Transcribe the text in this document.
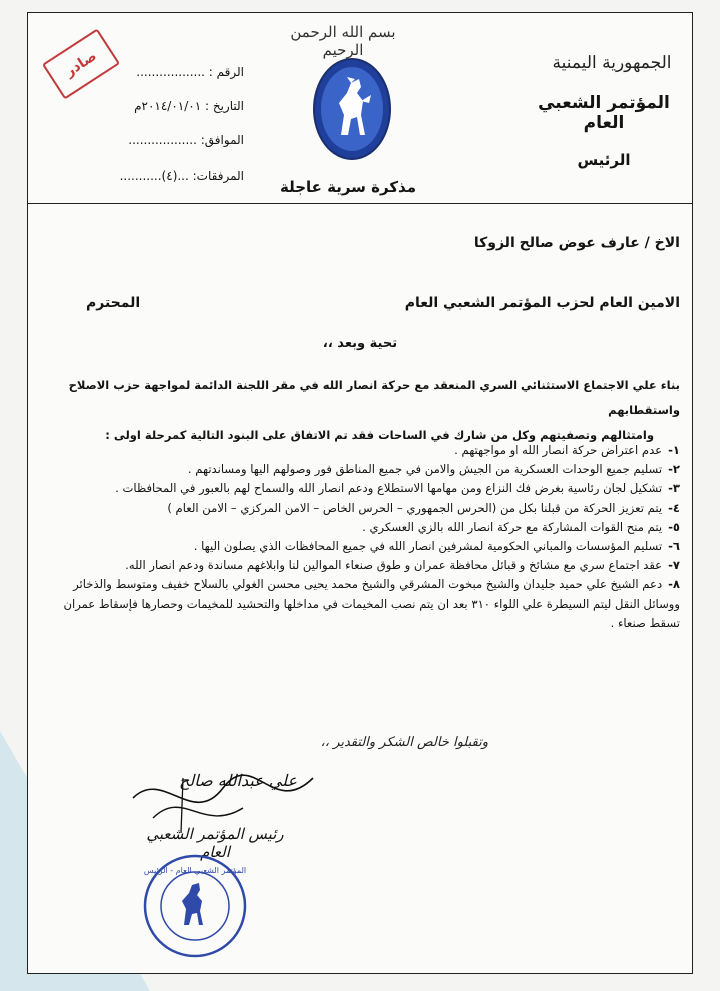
بسم الله الرحمن الرحيم
مذكرة سرية عاجلة
الجمهورية اليمنية
المؤتمر الشعبي العام
الرئيس
الرقم : ..................
التاريخ : ٢٠١٤/٠١/٠١م
الموافق: ..................
المرفقات: ...(٤)...........
صادر
الاخ / عارف عوض صالح الزوكا
الامين العام لحزب المؤتمر الشعبي العام
المحترم
تحية وبعد ،،

بناء علي الاجتماع الاستثنائي السري المنعقد مع حركة انصار الله في مقر اللجنة الدائمة لمواجهة حزب الاصلاح واستقطابهم

وامتثالهم وتصفيتهم وكل من شارك في الساحات فقد تم الاتفاق على البنود التالية كمرحلة اولى :

١-عدم اعتراض حركة انصار الله او مواجهتهم .
٢-تسليم جميع الوحدات العسكرية من الجيش والامن في جميع المناطق فور وصولهم اليها ومساندتهم .
٣-تشكيل لجان رئاسية بغرض فك النزاع ومن مهامها الاستطلاع ودعم انصار الله والسماح لهم بالعبور في المحافظات .
٤-يتم تعزيز الحركة من قبلنا بكل من (الحرس الجمهوري – الحرس الخاص – الامن المركزي – الامن العام )
٥-يتم منح القوات المشاركة مع حركة انصار الله بالزي العسكري .
٦-تسليم المؤسسات والمباني الحكومية لمشرفين انصار الله في جميع المحافظات الذي يصلون اليها .
٧-عقد اجتماع سري مع مشائخ و قبائل محافظة عمران و طوق صنعاء الموالين لنا وابلاغهم مساندة ودعم انصار الله.
٨-دعم الشيخ علي حميد جليدان والشيخ مبخوت المشرقي والشيخ محمد يحيى محسن الغولي بالسلاح خفيف ومتوسط والذخائر ووسائل النقل ليتم السيطرة علي اللواء ٣١٠ بعد ان يتم نصب المخيمات في مداخلها والتحشيد للمخيمات وحصارها فإسقاط عمران تسقط صنعاء .
وتقبلوا خالص الشكر والتقدير ،،
علي عبدالله صالح
رئيس المؤتمر الشعبي العام
المؤتمر الشعبي العام - الرئيس
